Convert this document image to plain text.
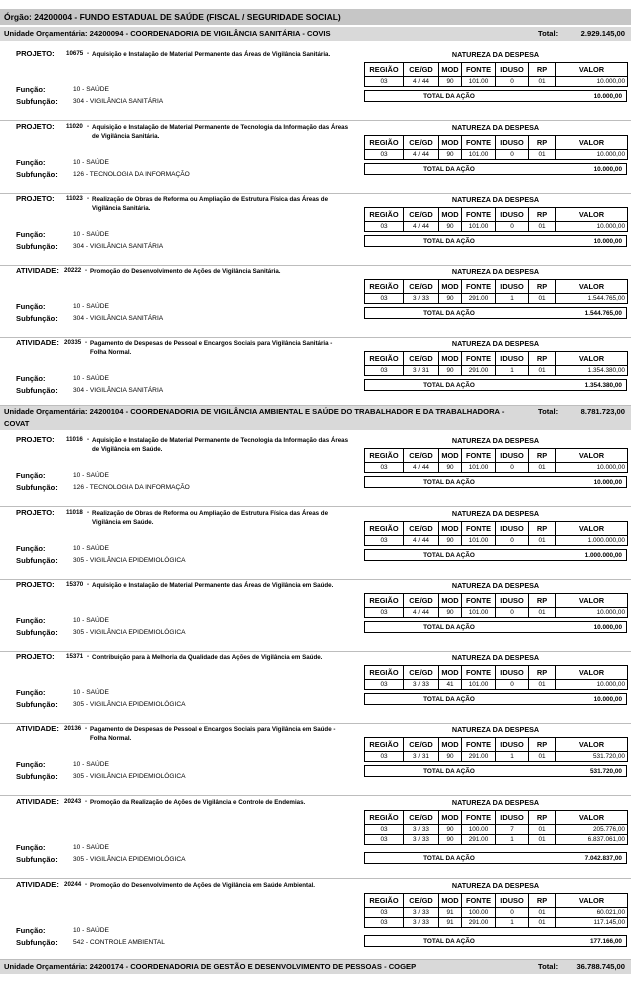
Órgão: 24200004 - FUNDO ESTADUAL DE SAÚDE (FISCAL / SEGURIDADE SOCIAL)
Unidade Orçamentária: 24200094 - COORDENADORIA DE VIGILÂNCIA SANITÁRIA - COVIS	Total:	2.929.145,00
Unidade Orçamentária: 24200104 - COORDENADORIA DE VIGILÂNCIA AMBIENTAL E SAÚDE DO TRABALHADOR E DA TRABALHADORA - COVAT
Total:	8.781.723,00
Unidade Orçamentária: 24200174 - COORDENADORIA DE GESTÃO E DESENVOLVIMENTO DE PESSOAS - COGEP	Total: 36.788.745,00
PROJETO: 10675 - Aquisição e Instalação de Material Permanente das Áreas de Vigilância Sanitária.	NATUREZA DA DESPESA
REGIÃO	CE/GD	MOD	FONTE	IDUSO	RP	VALOR
03	4 / 44	90	101.00	0	01	10.000,00
TOTAL DA AÇÃO	10.000,00
Função:	10 - SAÚDE
Subfunção: 304 - VIGILÂNCIA SANITÁRIA
PROJETO: 11020 - Aquisição e Instalação de Material Permanente de Tecnologia da Informação das Áreas de Vigilância Sanitária.
NATUREZA DA DESPESA
REGIÃO	CE/GD	MOD	FONTE	IDUSO	RP	VALOR
03	4 / 44	90	101.00	0	01	10.000,00
TOTAL DA AÇÃO	10.000,00
Função:	10 - SAÚDE
Subfunção: 126 - TECNOLOGIA DA INFORMAÇÃO
PROJETO: 11023 - Realização de Obras de Reforma ou Ampliação de Estrutura Física das Áreas de Vigilância Sanitária.
NATUREZA DA DESPESA
REGIÃO	CE/GD	MOD	FONTE	IDUSO	RP	VALOR
03	4 / 44	90	101.00	0	01	10.000,00
TOTAL DA AÇÃO	10.000,00
Função:	10 - SAÚDE
Subfunção: 304 - VIGILÂNCIA SANITÁRIA
ATIVIDADE: 20222 - Promoção do Desenvolvimento de Ações de Vigilância Sanitária.	NATUREZA DA DESPESA
REGIÃO	CE/GD	MOD	FONTE	IDUSO	RP	VALOR
03	3 / 33	90	291.00	1	01	1.544.765,00
TOTAL DA AÇÃO	1.544.765,00
Função:	10 - SAÚDE
Subfunção: 304 - VIGILÂNCIA SANITÁRIA
ATIVIDADE: 20335 - Pagamento de Despesas de Pessoal e Encargos Sociais para Vigilância Sanitária - Folha Normal.
NATUREZA DA DESPESA
REGIÃO	CE/GD	MOD	FONTE	IDUSO	RP	VALOR
03	3 / 31	90	291.00	1	01	1.354.380,00
TOTAL DA AÇÃO	1.354.380,00
Função:	10 - SAÚDE
Subfunção: 304 - VIGILÂNCIA SANITÁRIA
PROJETO: 11016 - Aquisição e Instalação de Material Permanente de Tecnologia da Informação das Áreas de Vigilância em Saúde.
NATUREZA DA DESPESA
REGIÃO	CE/GD	MOD	FONTE	IDUSO	RP	VALOR
03	4 / 44	90	101.00	0	01	10.000,00
TOTAL DA AÇÃO	10.000,00
Função:	10 - SAÚDE
Subfunção: 126 - TECNOLOGIA DA INFORMAÇÃO
PROJETO: 11018 - Realização de Obras de Reforma ou Ampliação de Estrutura Física das Áreas de Vigilância em Saúde.
NATUREZA DA DESPESA
REGIÃO	CE/GD	MOD	FONTE	IDUSO	RP	VALOR
03	4 / 44	90	101.00	0	01	1.000.000,00
TOTAL DA AÇÃO	1.000.000,00
Função:	10 - SAÚDE
Subfunção: 305 - VIGILÂNCIA EPIDEMIOLÓGICA
PROJETO: 15370 - Aquisição e Instalação de Material Permanente das Áreas de Vigilância em Saúde.	NATUREZA DA DESPESA
REGIÃO	CE/GD	MOD	FONTE	IDUSO	RP	VALOR
03	4 / 44	90	101.00	0	01	10.000,00
TOTAL DA AÇÃO	10.000,00
Função:	10 - SAÚDE
Subfunção: 305 - VIGILÂNCIA EPIDEMIOLÓGICA
PROJETO: 15371 - Contribuição para à Melhoria da Qualidade das Ações de Vigilância em Saúde.	NATUREZA DA DESPESA
REGIÃO	CE/GD	MOD	FONTE	IDUSO	RP	VALOR
03	3 / 33	41	101.00	0	01	10.000,00
TOTAL DA AÇÃO	10.000,00
Função:	10 - SAÚDE
Subfunção: 305 - VIGILÂNCIA EPIDEMIOLÓGICA
ATIVIDADE: 20136 - Pagamento de Despesas de Pessoal e Encargos Sociais para Vigilância em Saúde - Folha Normal.
NATUREZA DA DESPESA
REGIÃO	CE/GD	MOD	FONTE	IDUSO	RP	VALOR
03	3 / 31	90	291.00	1	01	531.720,00
TOTAL DA AÇÃO	531.720,00
Função:	10 - SAÚDE
Subfunção: 305 - VIGILÂNCIA EPIDEMIOLÓGICA
ATIVIDADE: 20243 - Promoção da Realização de Ações de Vigilância e Controle de Endemias.	NATUREZA DA DESPESA
REGIÃO	CE/GD	MOD	FONTE	IDUSO	RP	VALOR
03	3 / 33	90	100.00	7	01	205.776,00
03	3 / 33	90	291.00	1	01	6.837.061,00
TOTAL DA AÇÃO	7.042.837,00
Função:	10 - SAÚDE
Subfunção: 305 - VIGILÂNCIA EPIDEMIOLÓGICA
ATIVIDADE: 20244 - Promoção do Desenvolvimento de Ações de Vigilância em Saúde Ambiental.	NATUREZA DA DESPESA
REGIÃO	CE/GD	MOD	FONTE	IDUSO	RP	VALOR
03	3 / 33	91	100.00	0	01	60.021,00
03	3 / 33	91	291.00	1	01	117.145,00
TOTAL DA AÇÃO	177.166,00
Função:	10 - SAÚDE
Subfunção: 542 - CONTROLE AMBIENTAL
